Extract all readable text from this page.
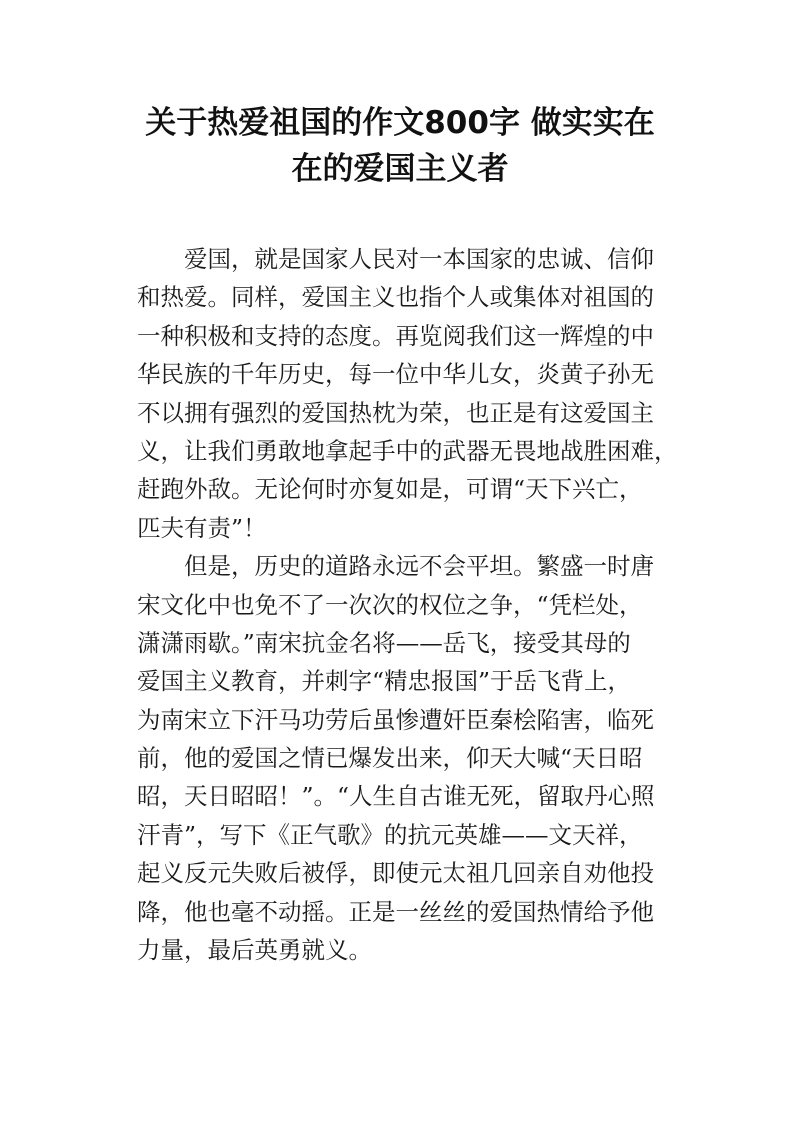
关于热爱祖国的作文800字 做实实在
在的爱国主义者
爱国，就是国家人民对一本国家的忠诚、信仰
和热爱。同样，爱国主义也指个人或集体对祖国的
一种积极和支持的态度。再览阅我们这一辉煌的中
华民族的千年历史，每一位中华儿女，炎黄子孙无
不以拥有强烈的爱国热枕为荣，也正是有这爱国主
义，让我们勇敢地拿起手中的武器无畏地战胜困难，
赶跑外敌。无论何时亦复如是，可谓“天下兴亡，
匹夫有责”！
但是，历史的道路永远不会平坦。繁盛一时唐
宋文化中也免不了一次次的权位之争，“凭栏处，
潇潇雨歇。”南宋抗金名将——岳飞，接受其母的
爱国主义教育，并刺字“精忠报国”于岳飞背上，
为南宋立下汗马功劳后虽惨遭奸臣秦桧陷害，临死
前，他的爱国之情已爆发出来，仰天大喊“天日昭
昭，天日昭昭！”。“人生自古谁无死，留取丹心照
汗青”，写下《正气歌》的抗元英雄——文天祥，
起义反元失败后被俘，即使元太祖几回亲自劝他投
降，他也毫不动摇。正是一丝丝的爱国热情给予他
力量，最后英勇就义。
